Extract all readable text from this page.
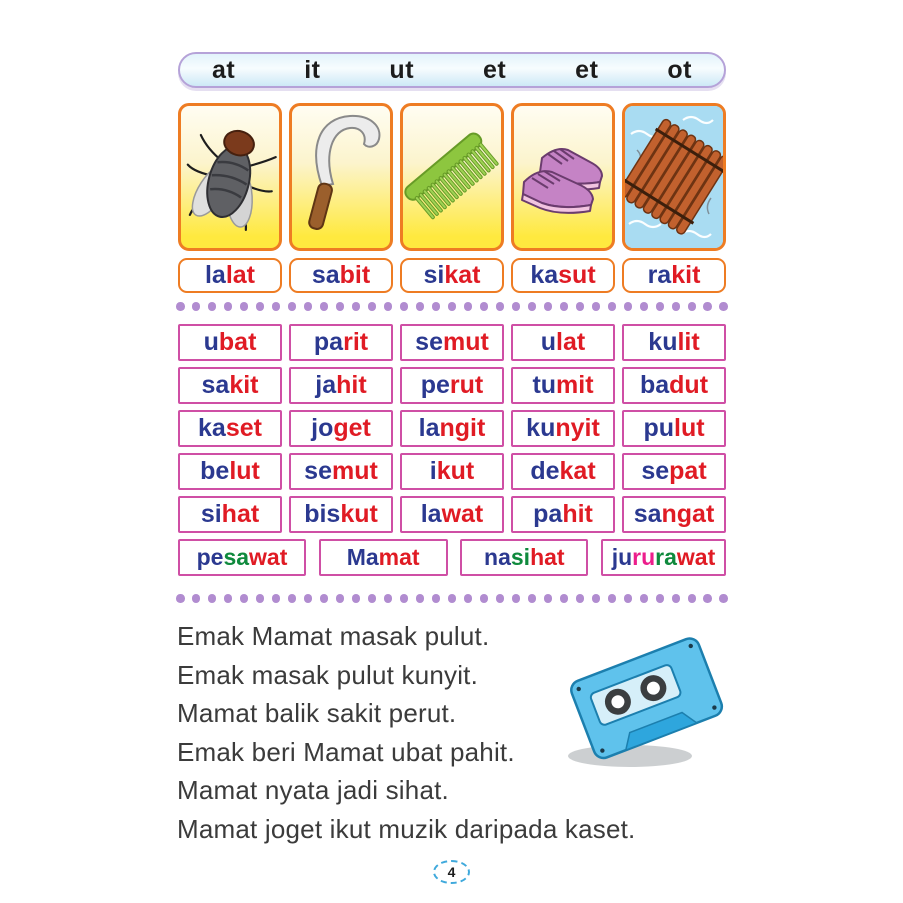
at	it	ut	et	et	ot
lalat sabit sikat kasut rakit
ubat parit semut ulat	kulit
sakit jahit perut tumit badut
kaset joget langit kunyit pulut
belut semut ikut dekat sepat
sihat biskut lawat pahit sangat
pesawat	Mamat	nasihat jururawat
Emak Mamat masak pulut.
Emak masak pulut kunyit.
Mamat balik sakit perut.
Emak beri Mamat ubat pahit.
Mamat nyata jadi sihat.
Mamat joget ikut muzik daripada kaset.
4
